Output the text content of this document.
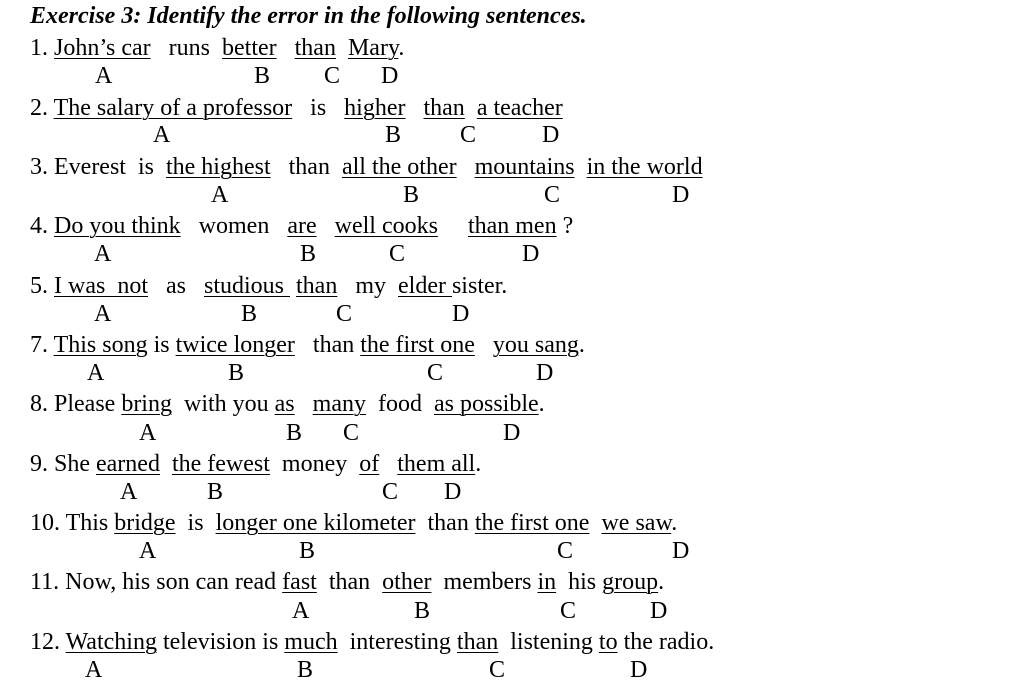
Exercise 3: Identify the error in the following sentences.
1. John’s car   runs  better than Mary.
A	B C D
2. The salary of a professor   is   higher than a teacher
A	B C	D
3. Everest  is  the highest   than  all the other mountains in the world
A	B	C	D
4. Do you think   women   are well cooks than men ?
A	B	C	D
5. I was  not   as   studious  than   my  elder sister.
A	B	C	D
7. This song is twice longer   than the first one you sang.
A	B	C	D
8. Please bring  with you as many  food  as possible.
A	B C	D
9. She earned the fewest  money  of them all.
A	B	C D
10. This bridge  is  longer one kilometer  than the first one we saw.
A	B	C	D
11. Now, his son can read fast  than  other  members in  his group.
A	B	C	D
12. Watching television is much  interesting than  listening to the radio.
A	B	C	D
